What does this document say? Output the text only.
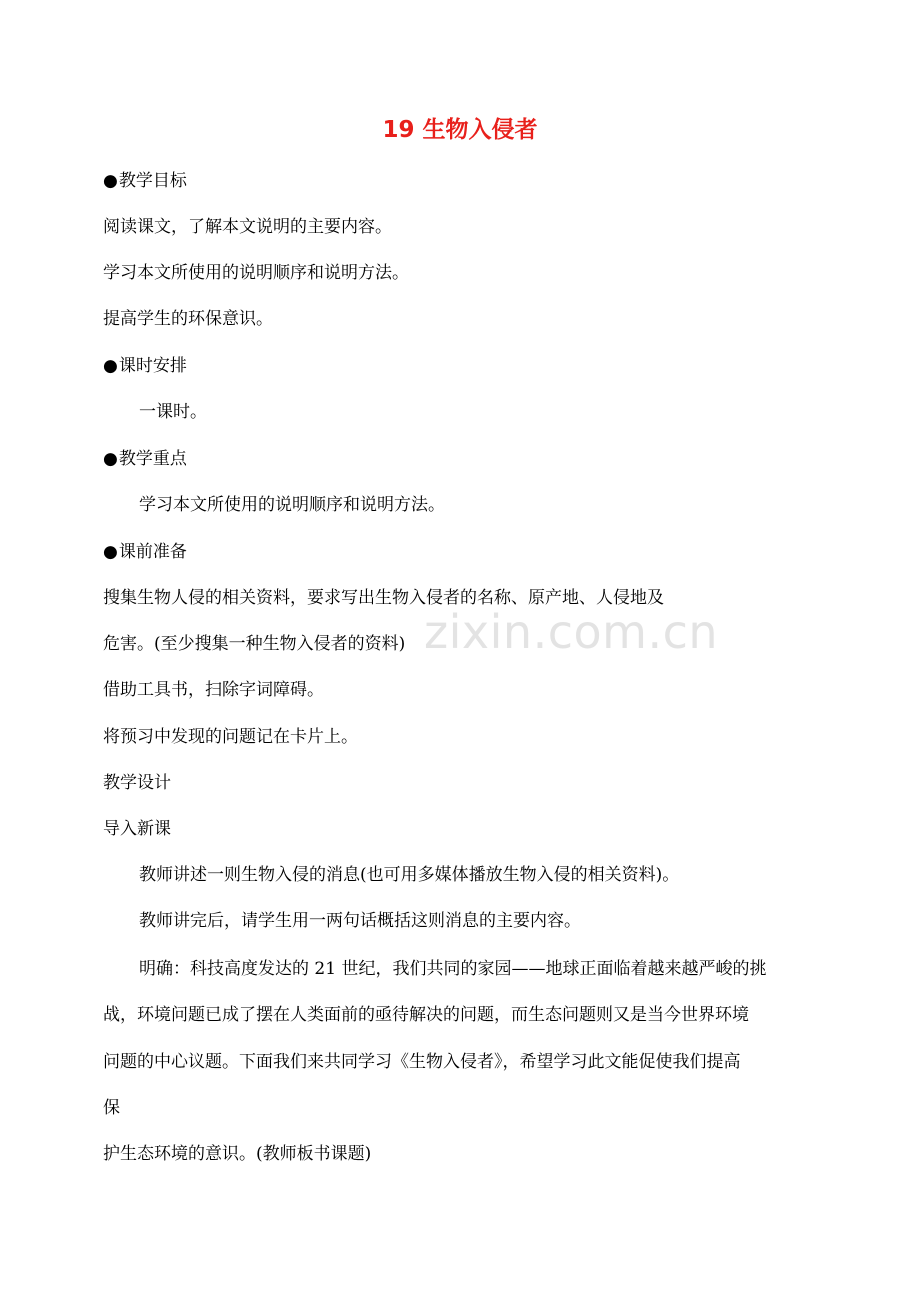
19 生物入侵者

●教学目标

阅读课文，了解本文说明的主要内容。

学习本文所使用的说明顺序和说明方法。

提高学生的环保意识。

●课时安排

一课时。

●教学重点

学习本文所使用的说明顺序和说明方法。

●课前准备

搜集生物人侵的相关资料，要求写出生物入侵者的名称、原产地、人侵地及

危害。(至少搜集一种生物入侵者的资料)

借助工具书，扫除字词障碍。

将预习中发现的问题记在卡片上。

教学设计

导入新课

教师讲述一则生物入侵的消息(也可用多媒体播放生物入侵的相关资料)。

教师讲完后，请学生用一两句话概括这则消息的主要内容。

明确：科技高度发达的 21 世纪，我们共同的家园——地球正面临着越来越严峻的挑

战，环境问题已成了摆在人类面前的亟待解决的问题，而生态问题则又是当今世界环境

问题的中心议题。下面我们来共同学习《生物入侵者》，希望学习此文能促使我们提高

保

护生态环境的意识。(教师板书课题)

zixin.com.cn
